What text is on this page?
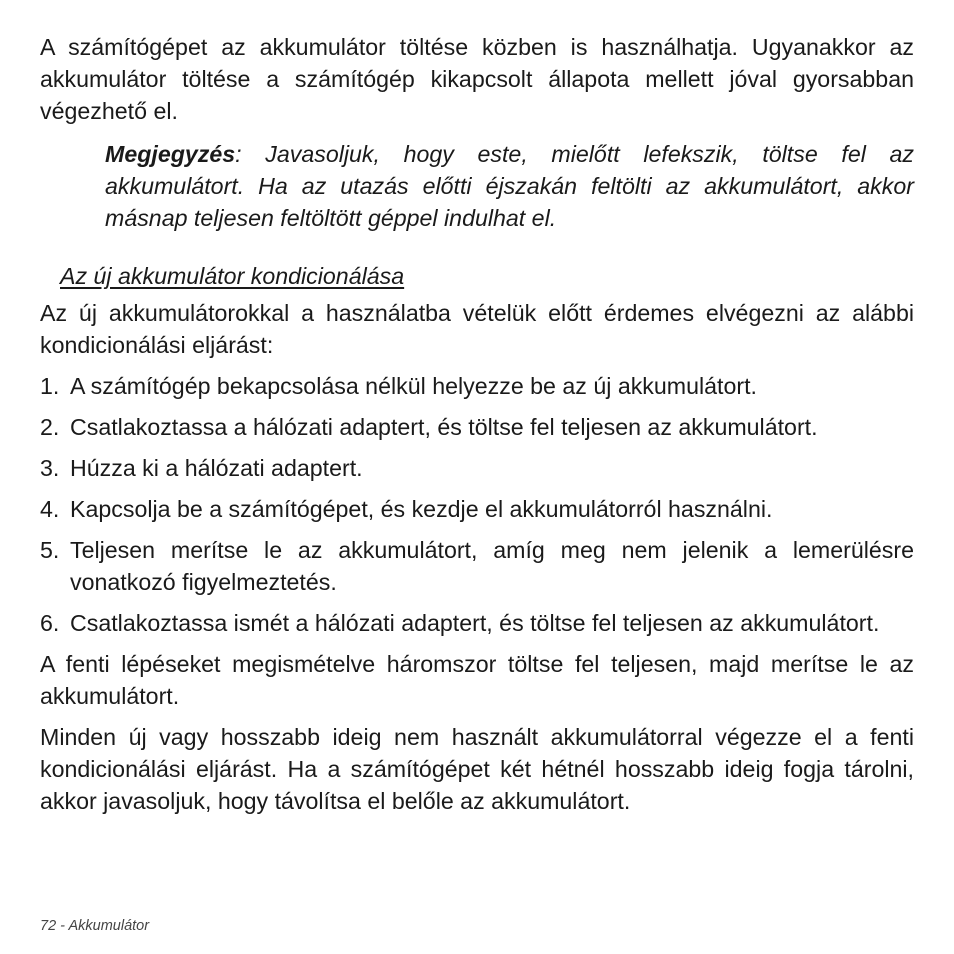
A számítógépet az akkumulátor töltése közben is használhatja. Ugyanakkor az akkumulátor töltése a számítógép kikapcsolt állapota mellett jóval gyorsabban végezhető el.

Megjegyzés: Javasoljuk, hogy este, mielőtt lefekszik, töltse fel az akkumulátort. Ha az utazás előtti éjszakán feltölti az akkumulátort, akkor másnap teljesen feltöltött géppel indulhat el.

Az új akkumulátor kondicionálása

Az új akkumulátorokkal a használatba vételük előtt érdemes elvégezni az alábbi kondicionálási eljárást:

1. A számítógép bekapcsolása nélkül helyezze be az új akkumulátort.
2. Csatlakoztassa a hálózati adaptert, és töltse fel teljesen az akkumulátort.
3. Húzza ki a hálózati adaptert.
4. Kapcsolja be a számítógépet, és kezdje el akkumulátorról használni.
5. Teljesen merítse le az akkumulátort, amíg meg nem jelenik a lemerülésre vonatkozó figyelmeztetés.
6. Csatlakoztassa ismét a hálózati adaptert, és töltse fel teljesen az akkumulátort.

A fenti lépéseket megismételve háromszor töltse fel teljesen, majd merítse le az akkumulátort.

Minden új vagy hosszabb ideig nem használt akkumulátorral végezze el a fenti kondicionálási eljárást. Ha a számítógépet két hétnél hosszabb ideig fogja tárolni, akkor javasoljuk, hogy távolítsa el belőle az akkumulátort.

72 - Akkumulátor
